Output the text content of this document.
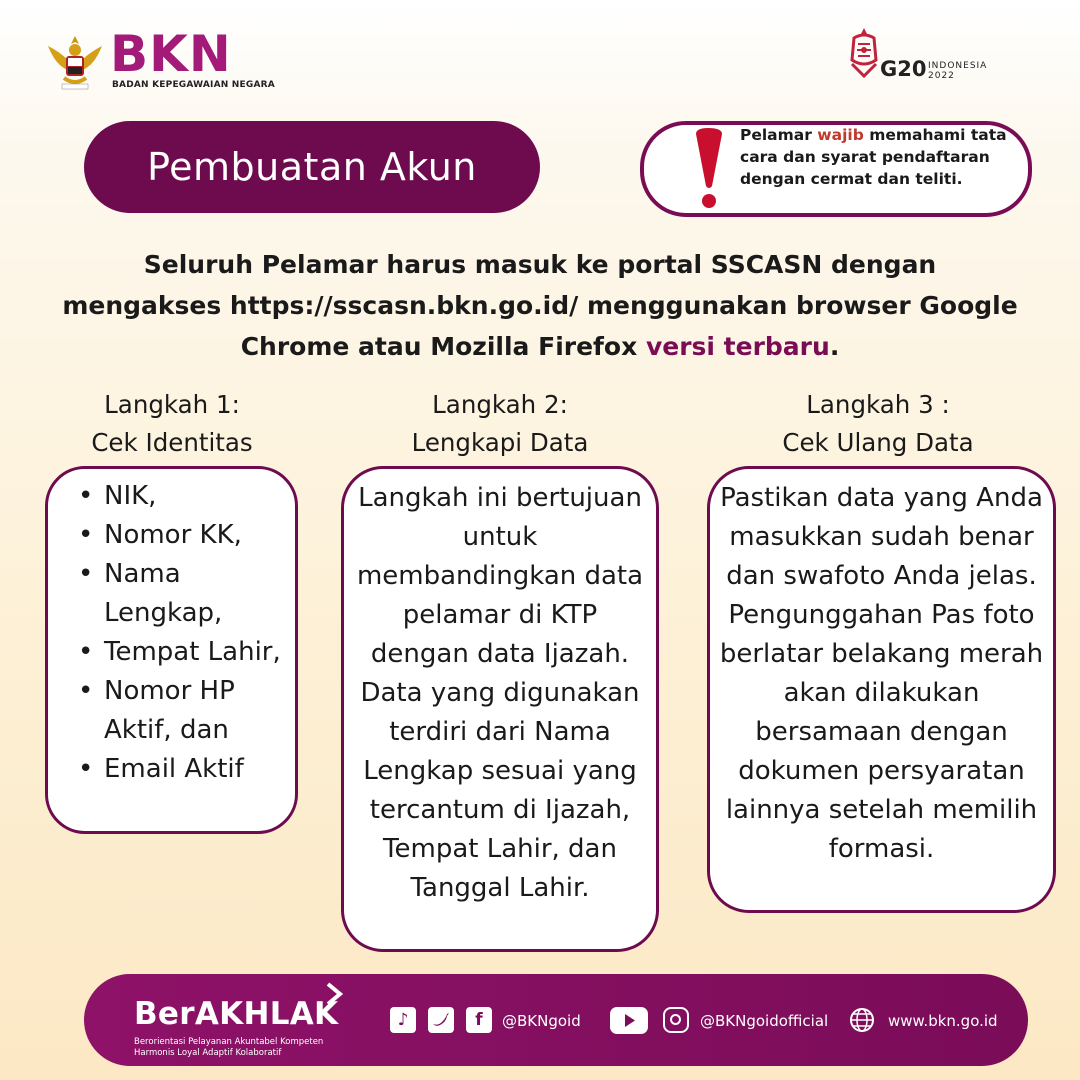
BKN
BADAN KEPEGAWAIAN NEGARA
G20 INDONESIA
2022
Pembuatan Akun
Pelamar wajib memahami tata cara dan syarat pendaftaran dengan cermat dan teliti.
Seluruh Pelamar harus masuk ke portal SSCASN dengan mengakses https://sscasn.bkn.go.id/ menggunakan browser Google Chrome atau Mozilla Firefox versi terbaru.
Langkah 1:
Cek Identitas
Langkah 2:
Lengkapi Data
Langkah 3 :
Cek Ulang Data
• NIK,
• Nomor KK,
• Nama Lengkap,
• Tempat Lahir,
• Nomor HP Aktif, dan
• Email Aktif
Langkah ini bertujuan untuk membandingkan data pelamar di KTP dengan data Ijazah. Data yang digunakan terdiri dari Nama Lengkap sesuai yang tercantum di Ijazah, Tempat Lahir, dan Tanggal Lahir.
Pastikan data yang Anda masukkan sudah benar dan swafoto Anda jelas. Pengunggahan Pas foto berlatar belakang merah akan dilakukan bersamaan dengan dokumen persyaratan lainnya setelah memilih formasi.
BerAKHLAK
Berorientasi Pelayanan Akuntabel Kompeten
Harmonis Loyal Adaptif Kolaboratif
♪	f	@BKNgoid	@BKNgoidofficial	www.bkn.go.id
